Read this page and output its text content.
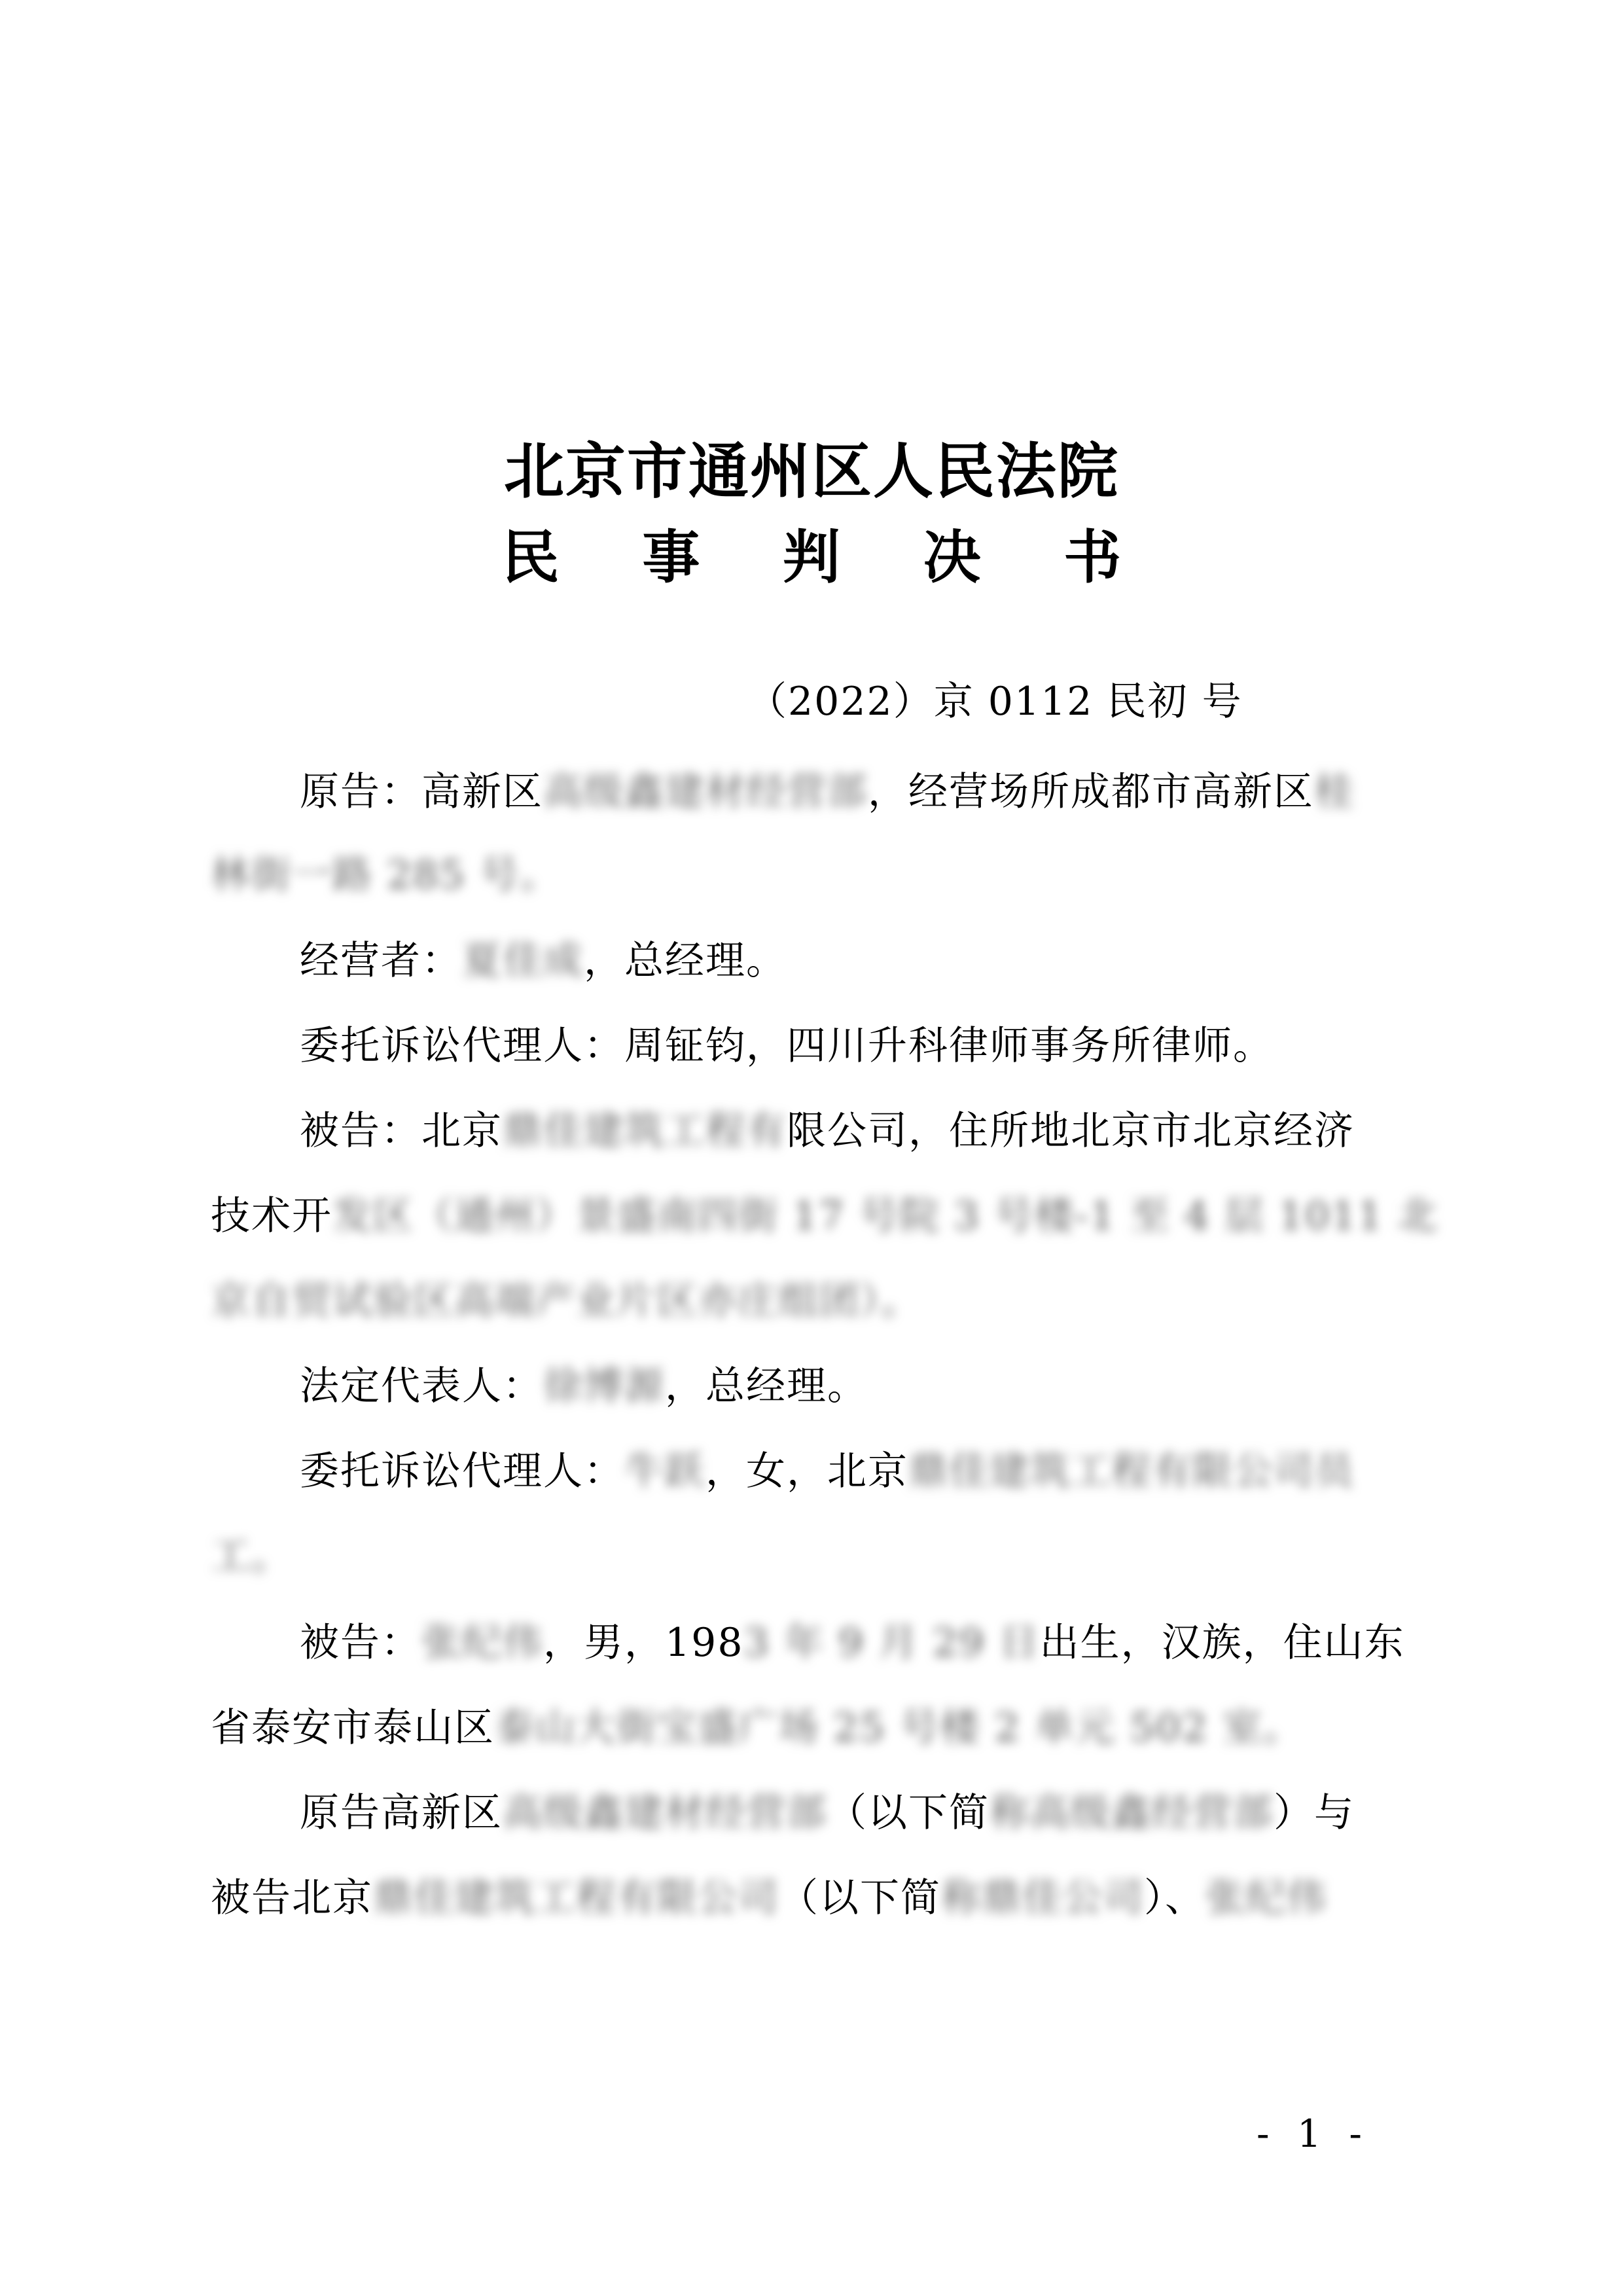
北京市通州区人民法院
民 事 判 决 书
（2022）京 0112 民初 号
原告：高新区高级鑫建材经营部，经营场所成都市高新区桂
林街一路 285 号。
经营者：夏佳成，总经理。
委托诉讼代理人：周钲钧，四川升科律师事务所律师。
被告：北京鼎佳建筑工程有限公司，住所地北京市北京经济
技术开发区（通州）景盛南四街 17 号院 3 号楼-1 至 4 层 1011 北
京自贸试验区高端产业片区亦庄组团）。
法定代表人：徐博源，总经理。
委托诉讼代理人：牛跃，女，北京鼎佳建筑工程有限公司员
工。
被告：张纪伟，男，1983 年 9 月 29 日出生，汉族，住山东
省泰安市泰山区泰山大街宝盛广场 25 号楼 2 单元 502 室。
原告高新区高级鑫建材经营部（以下简称高级鑫经营部）与
被告北京鼎佳建筑工程有限公司（以下简称鼎佳公司）、张纪伟
- 1 -
